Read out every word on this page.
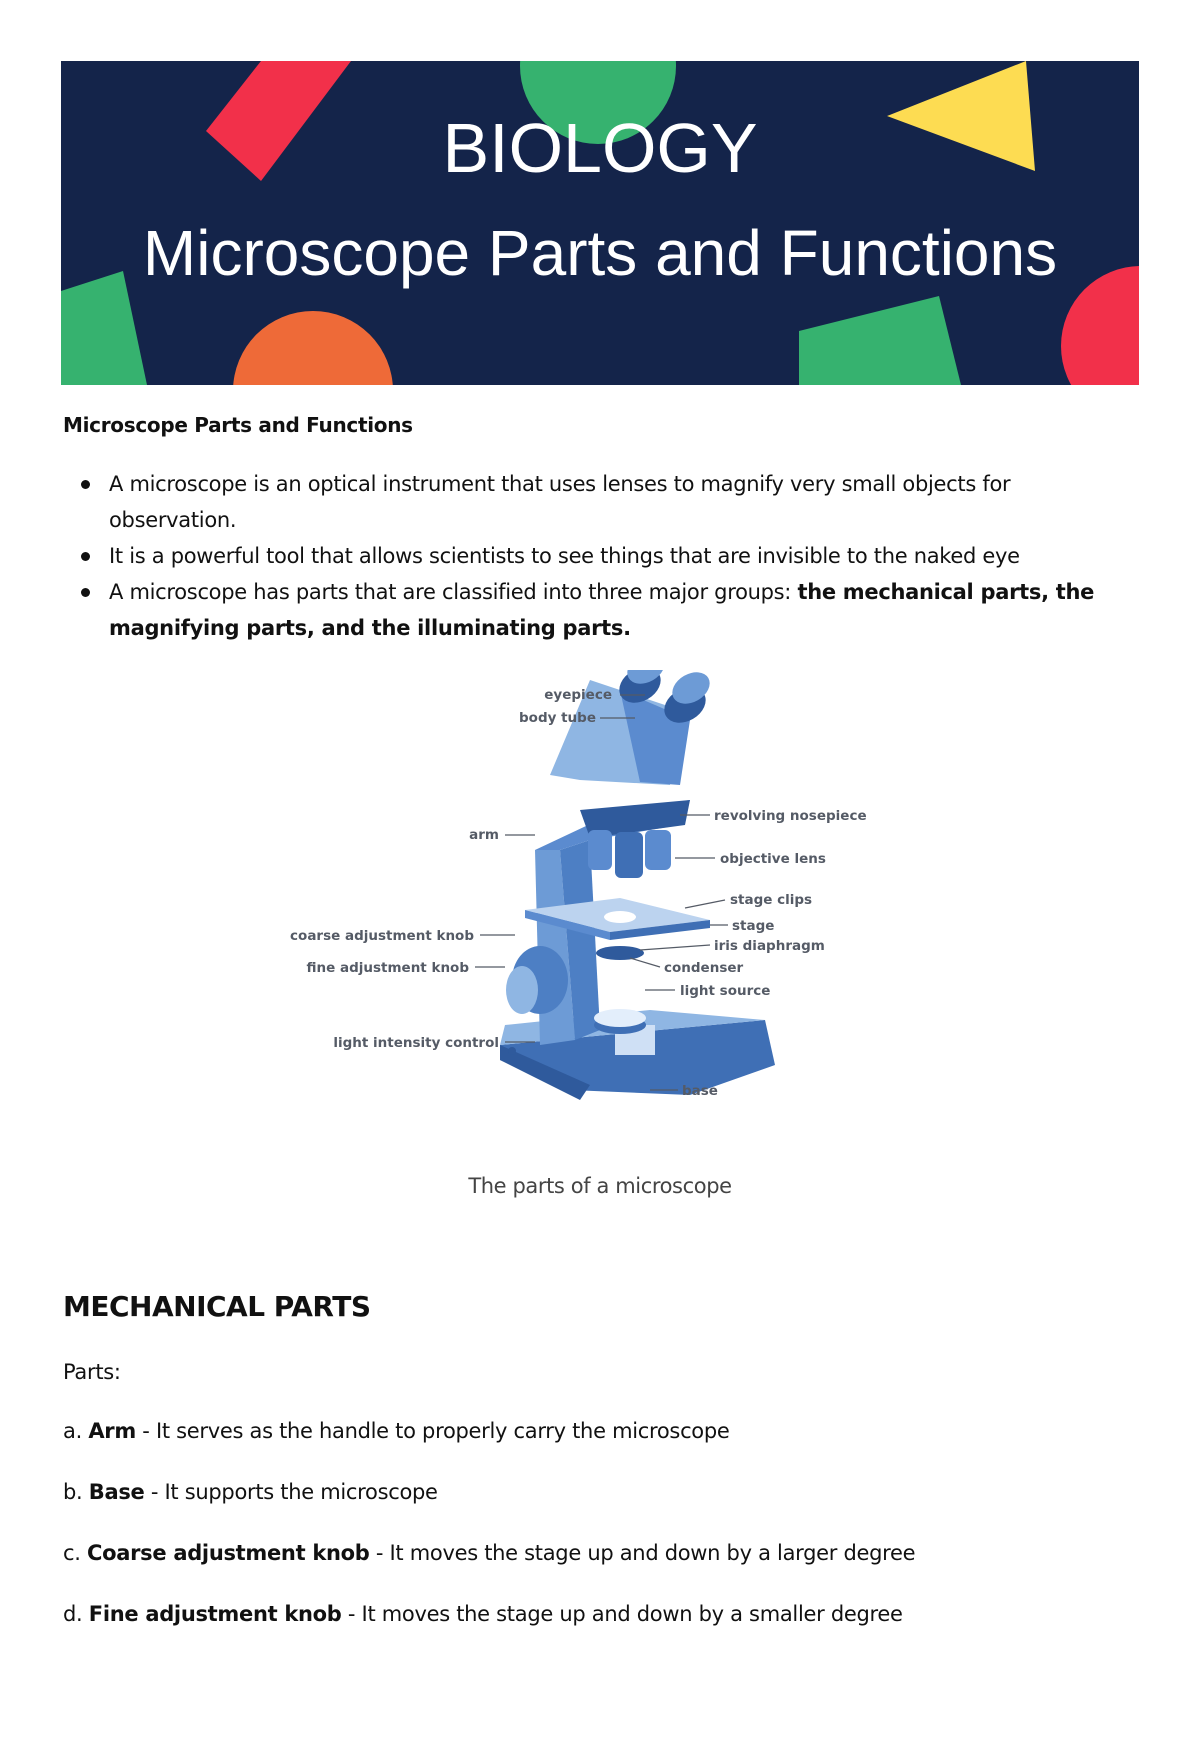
BIOLOGY
Microscope Parts and Functions
Microscope Parts and Functions
A microscope is an optical instrument that uses lenses to magnify very small objects for observation.
It is a powerful tool that allows scientists to see things that are invisible to the naked eye
A microscope has parts that are classified into three major groups: the mechanical parts, the magnifying parts, and the illuminating parts.
eyepiece
body tube
revolving nosepiece
arm
objective lens
stage clips
coarse adjustment knob
stage
iris diaphragm
fine adjustment knob	condenser
light source
light intensity control
base
The parts of a microscope
MECHANICAL PARTS
Parts:
a. Arm - It serves as the handle to properly carry the microscope
b. Base - It supports the microscope
c. Coarse adjustment knob - It moves the stage up and down by a larger degree
d. Fine adjustment knob - It moves the stage up and down by a smaller degree
